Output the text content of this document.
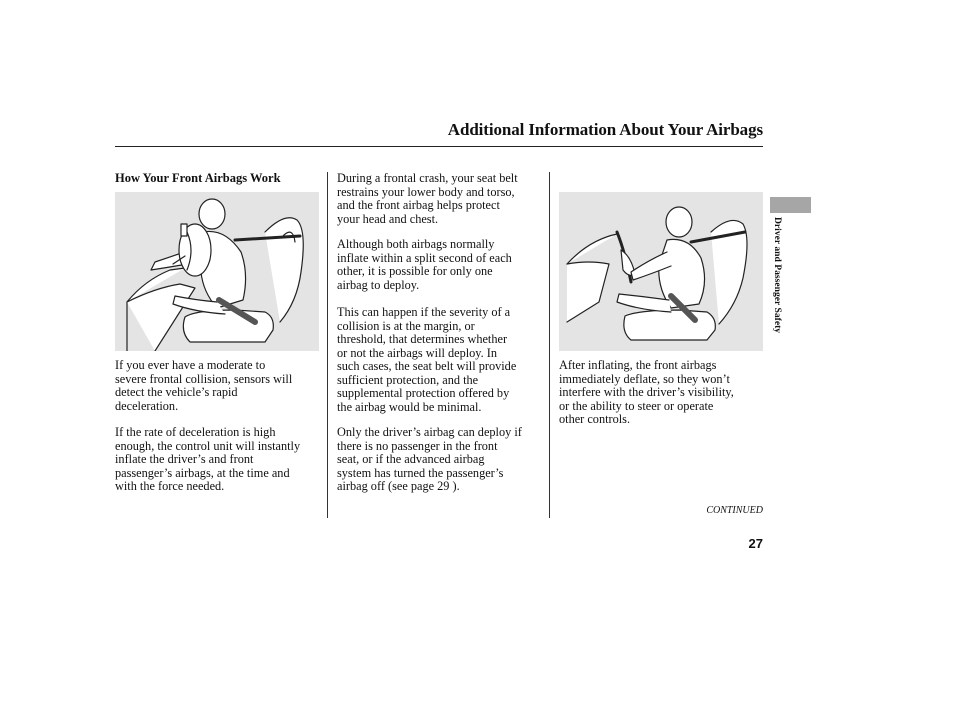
Additional Information About Your Airbags
How Your Front Airbags Work

If you ever have a moderate to
severe frontal collision, sensors will
detect the vehicle’s rapid
deceleration.

If the rate of deceleration is high
enough, the control unit will instantly
inflate the driver’s and front
passenger’s airbags, at the time and
with the force needed.

During a frontal crash, your seat belt
restrains your lower body and torso,
and the front airbag helps protect
your head and chest.

Although both airbags normally
inflate within a split second of each
other, it is possible for only one
airbag to deploy.

This can happen if the severity of a
collision is at the margin, or
threshold, that determines whether
or not the airbags will deploy. In
such cases, the seat belt will provide
sufficient protection, and the
supplemental protection offered by
the airbag would be minimal.

Only the driver’s airbag can deploy if
there is no passenger in the front
seat, or if the advanced airbag
system has turned the passenger’s
airbag off (see page 29 ).

After inflating, the front airbags
immediately deflate, so they won’t
interfere with the driver’s visibility,
or the ability to steer or operate
other controls.

Driver and Passenger Safety
CONTINUED
27
